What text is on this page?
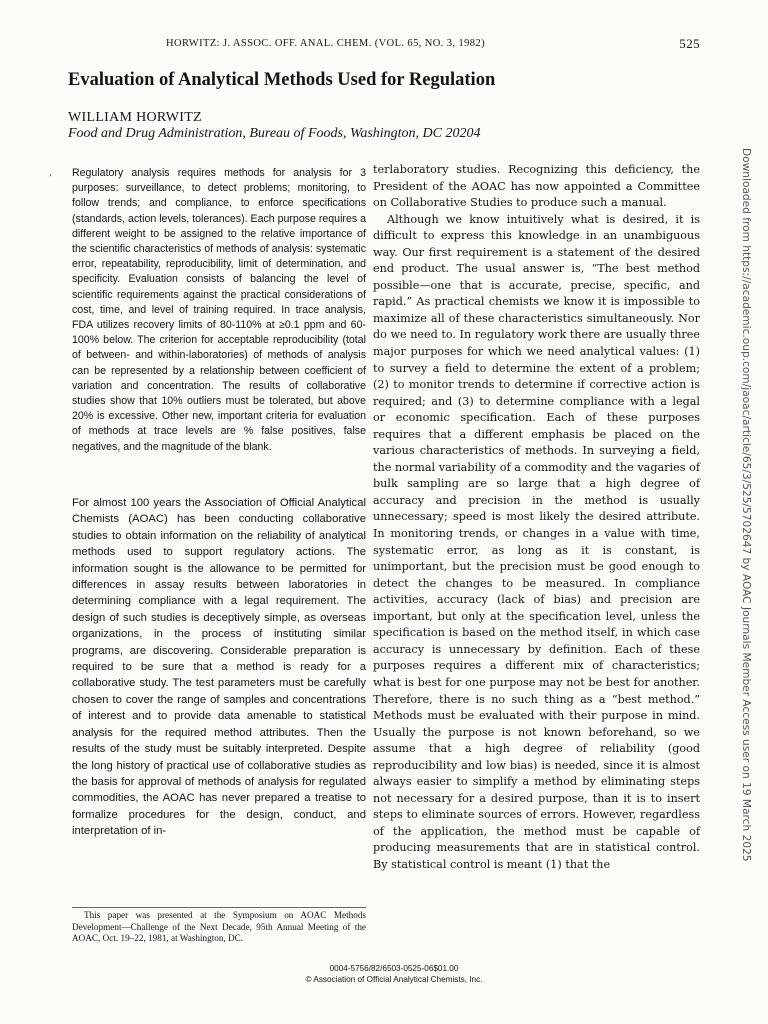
HORWITZ: J. ASSOC. OFF. ANAL. CHEM. (VOL. 65, NO. 3, 1982)	525
Evaluation of Analytical Methods Used for Regulation
WILLIAM HORWITZ
Food and Drug Administration, Bureau of Foods, Washington, DC 20204
’ Regulatory analysis requires methods for analysis for 3 purposes: surveillance, to detect problems; monitoring, to follow trends; and compliance, to enforce specifications (standards, action levels, tolerances). Each purpose requires a different weight to be assigned to the relative importance of the scientific characteristics of methods of analysis: systematic error, repeatability, reproducibility, limit of determination, and specificity. Evaluation consists of balancing the level of scientific requirements against the practical considerations of cost, time, and level of training required. In trace analysis, FDA utilizes recovery limits of 80-110% at ≥0.1 ppm and 60-100% below. The criterion for acceptable reproducibility (total of between- and within-laboratories) of methods of analysis can be represented by a relationship between coefficient of variation and concentration. The results of collaborative studies show that 10% outliers must be tolerated, but above 20% is excessive. Other new, important criteria for evaluation of methods at trace levels are % false positives, false negatives, and the magnitude of the blank.

For almost 100 years the Association of Official Analytical Chemists (AOAC) has been conducting collaborative studies to obtain information on the reliability of analytical methods used to support regulatory actions. The information sought is the allowance to be permitted for differences in assay results between laboratories in determining compliance with a legal requirement. The design of such studies is deceptively simple, as overseas organizations, in the process of instituting similar programs, are discovering. Considerable preparation is required to be sure that a method is ready for a collaborative study. The test parameters must be carefully chosen to cover the range of samples and concentrations of interest and to provide data amenable to statistical analysis for the required method attributes. Then the results of the study must be suitably interpreted. Despite the long history of practical use of collaborative studies as the basis for approval of methods of analysis for regulated commodities, the AOAC has never prepared a treatise to formalize procedures for the design, conduct, and interpretation of in-

terlaboratory studies. Recognizing this deficiency, the President of the AOAC has now appointed a Committee on Collaborative Studies to produce such a manual.

Although we know intuitively what is desired, it is difficult to express this knowledge in an unambiguous way. Our first requirement is a statement of the desired end product. The usual answer is, “The best method possible—one that is accurate, precise, specific, and rapid.” As practical chemists we know it is impossible to maximize all of these characteristics simultaneously. Nor do we need to. In regulatory work there are usually three major purposes for which we need analytical values: (1) to survey a field to determine the extent of a problem; (2) to monitor trends to determine if corrective action is required; and (3) to determine compliance with a legal or economic specification. Each of these purposes requires that a different emphasis be placed on the various characteristics of methods. In surveying a field, the normal variability of a commodity and the vagaries of bulk sampling are so large that a high degree of accuracy and precision in the method is usually unnecessary; speed is most likely the desired attribute. In monitoring trends, or changes in a value with time, systematic error, as long as it is constant, is unimportant, but the precision must be good enough to detect the changes to be measured. In compliance activities, accuracy (lack of bias) and precision are important, but only at the specification level, unless the specification is based on the method itself, in which case accuracy is unnecessary by definition. Each of these purposes requires a different mix of characteristics; what is best for one purpose may not be best for another. Therefore, there is no such thing as a “best method.” Methods must be evaluated with their purpose in mind. Usually the purpose is not known beforehand, so we assume that a high degree of reliability (good reproducibility and low bias) is needed, since it is almost always easier to simplify a method by eliminating steps not necessary for a desired purpose, than it is to insert steps to eliminate sources of errors. However, regardless of the application, the method must be capable of producing measurements that are in statistical control. By statistical control is meant (1) that the

This paper was presented at the Symposium on AOAC Methods Development—Challenge of the Next Decade, 95th Annual Meeting of the AOAC, Oct. 19–22, 1981, at Washington, DC.

0004-5756/82/6503-0525-06$01.00
© Association of Official Analytical Chemists, Inc.
Downloaded from https://academic.oup.com/jaoac/article/65/3/525/5702647 by AOAC Journals Member Access user on 19 March 2025
